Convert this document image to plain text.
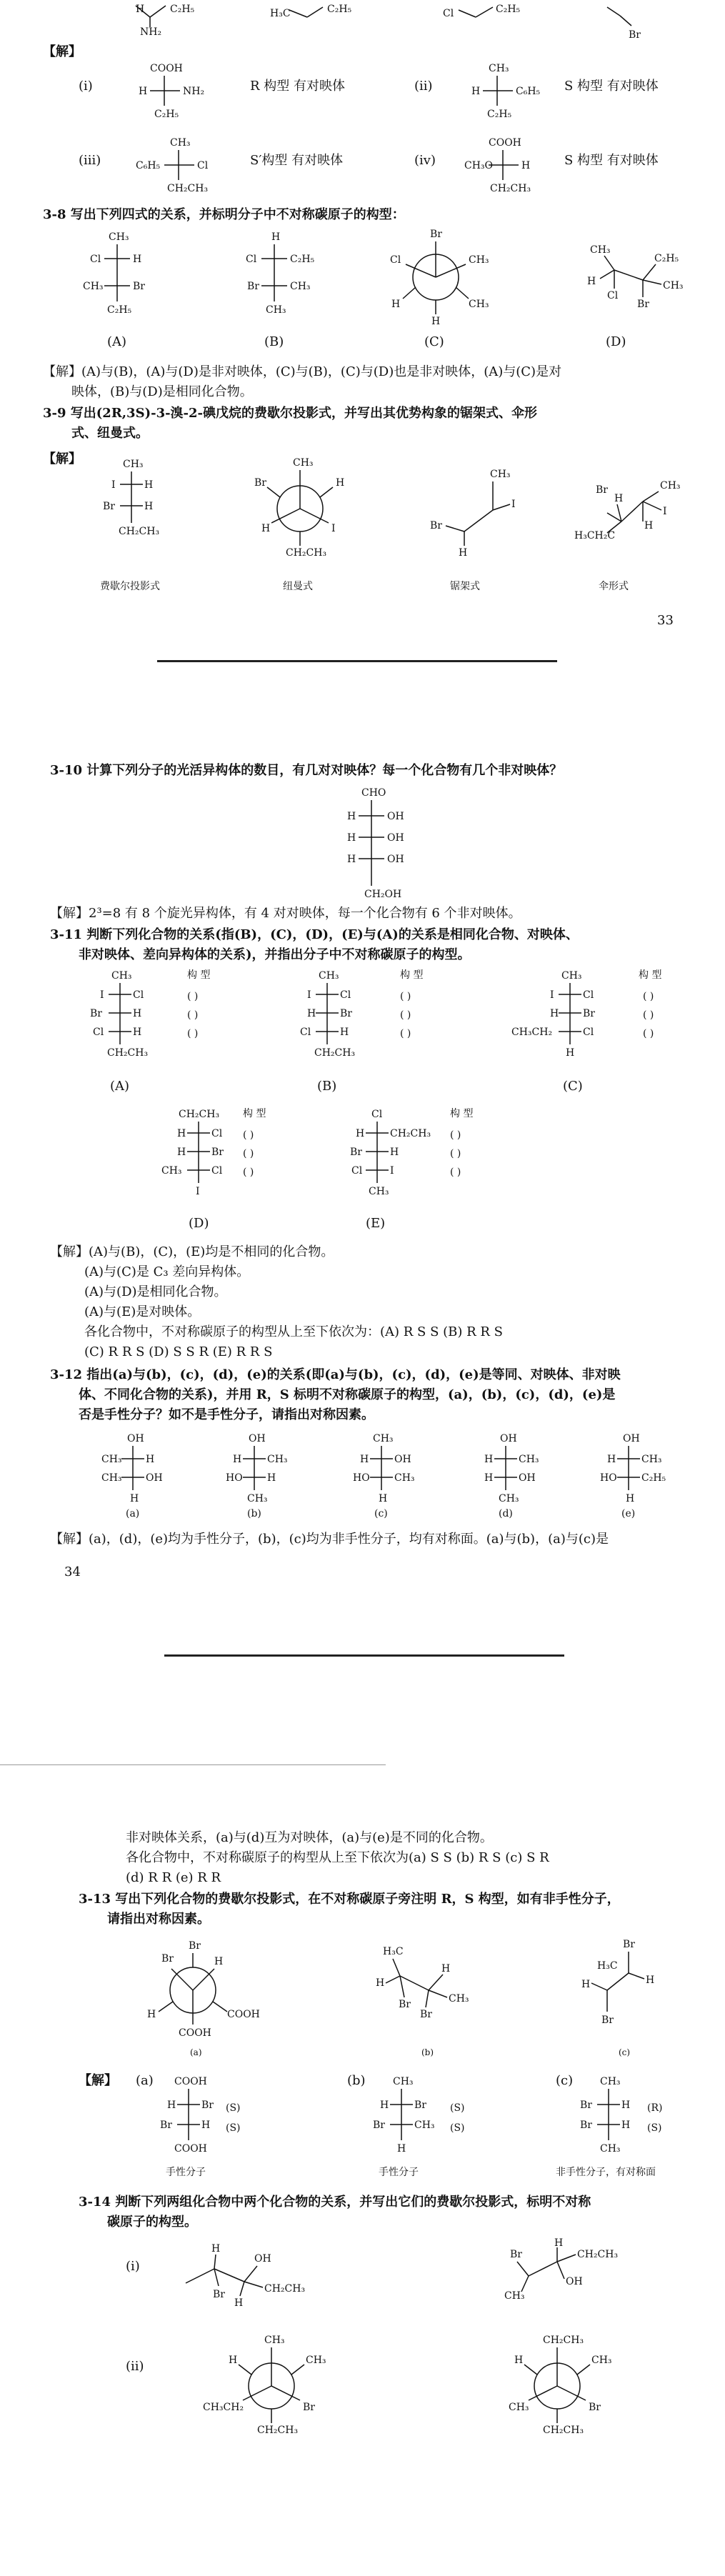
H
NH₂
C₂H₅	H₃C	C₂H₅	Cl	C₂H₅
Br
【解】
(i)
COOH
H	NH₂
C₂H₅
R 构型 有对映体	(ii)
CH₃
H	C₆H₅
C₂H₅
S 构型 有对映体
(iii)
CH₃
C₆H₅	Cl
CH₂CH₃
S′构型 有对映体	(iv)
COOH
CH₃O	H
CH₂CH₃
S 构型 有对映体
3-8 写出下列四式的关系，并标明分子中不对称碳原子的构型：
CH₃
Cl	H
CH₃	Br
C₂H₅
H
Cl	C₂H₅
Br	CH₃
CH₃
Br
Cl	CH₃
H	CH₃
H
CH₃
H
Cl
C₂H₅
CH₃
Br
(A)	(B)	(C)	(D)
【解】(A)与(B)，(A)与(D)是非对映体，(C)与(B)，(C)与(D)也是非对映体，(A)与(C)是对
映体，(B)与(D)是相同化合物。
3-9 写出(2R,3S)-3-溴-2-碘戊烷的费歇尔投影式，并写出其优势构象的锯架式、伞形
式、纽曼式。
【解】	CH₃
I	H
Br	H
CH₂CH₃
CH₃
Br	H
H	I
CH₂CH₃
CH₃
I
Br
H
Br
H
H₃CH₂C
CH₃
I
H
费歇尔投影式	纽曼式	锯架式	伞形式
33
3-10 计算下列分子的光活异构体的数目，有几对对映体？每一个化合物有几个非对映体？
CHO
H
H
H
OH
OH
OH
CH₂OH
【解】2³=8 有 8 个旋光异构体，有 4 对对映体，每一个化合物有 6 个非对映体。
3-11 判断下列化合物的关系(指(B)，(C)，(D)，(E)与(A)的关系是相同化合物、对映体、
非对映体、差向异构体的关系)，并指出分子中不对称碳原子的构型。
CH₃
I	Cl
Br	H
Cl	H
CH₂CH₃
CH₃
I	Cl
H Br
Cl	H
CH₂CH₃
CH₃
I	Cl
H Br
CH₃CH₂	Cl
H
构 型	构 型	构 型
( )
( )
( )
( )
( )
( )
( )
( )
( )
(A)	(B)	(C)
CH₂CH₃
H	Cl
H	Br
CH₃	Cl
I
Cl
H	CH₂CH₃
Br	H
Cl	I
CH₃
构 型	构 型
( )
( )
( )
( )
( )
( )
(D)	(E)
【解】(A)与(B)，(C)，(E)均是不相同的化合物。
(A)与(C)是 C₃ 差向异构体。
(A)与(D)是相同化合物。
(A)与(E)是对映体。
各化合物中，不对称碳原子的构型从上至下依次为：(A) R S S (B) R R S
(C) R R S (D) S S R (E) R R S
3-12 指出(a)与(b)，(c)，(d)，(e)的关系(即(a)与(b)，(c)，(d)，(e)是等同、对映体、非对映
体、不同化合物的关系)，并用 R，S 标明不对称碳原子的构型，(a)，(b)，(c)，(d)，(e)是
否是手性分子？如不是手性分子，请指出对称因素。
OH
CH₃ H
CH₃ OH
H
OH
H	CH₃
HO H
CH₃
CH₃
H	OH
HO CH₃
H
OH
H	CH₃
H	OH
CH₃
OH
H	CH₃
HO C₂H₅
H
(a)	(b)	(c)	(d)	(e)
【解】(a)，(d)，(e)均为手性分子，(b)，(c)均为非手性分子，均有对称面。(a)与(b)，(a)与(c)是
34
非对映体关系，(a)与(d)互为对映体，(a)与(e)是不同的化合物。
各化合物中，不对称碳原子的构型从上至下依次为(a) S S (b) R S (c) S R
(d) R R (e) R R
3-13 写出下列化合物的费歇尔投影式，在不对称碳原子旁注明 R，S 构型，如有非手性分子，
请指出对称因素。
Br	H
Br
H	COOH
COOH
H₃C
H
Br
H
CH₃
Br
Br
H
H₃C
H
Br
(a)	(b)	(c)
【解】 (a)	(b)	(c)
COOH
H	Br
Br	H
COOH
CH₃
H	Br
Br	CH₃
H
CH₃
Br	H
Br	H
CH₃
(S)
(S)
(S)
(S)
(R)
(S)
手性分子	手性分子	非手性分子，有对称面
3-14 判断下列两组化合物中两个化合物的关系，并写出它们的费歇尔投影式，标明不对称
碳原子的构型。
(i)
H
Br
OH
H
CH₂CH₃
Br
CH₃
H
CH₂CH₃
OH
(ii)
CH₃
H	CH₃
CH₃CH₂	Br
CH₂CH₃
CH₂CH₃
H	CH₃
CH₃	Br
CH₂CH₃
